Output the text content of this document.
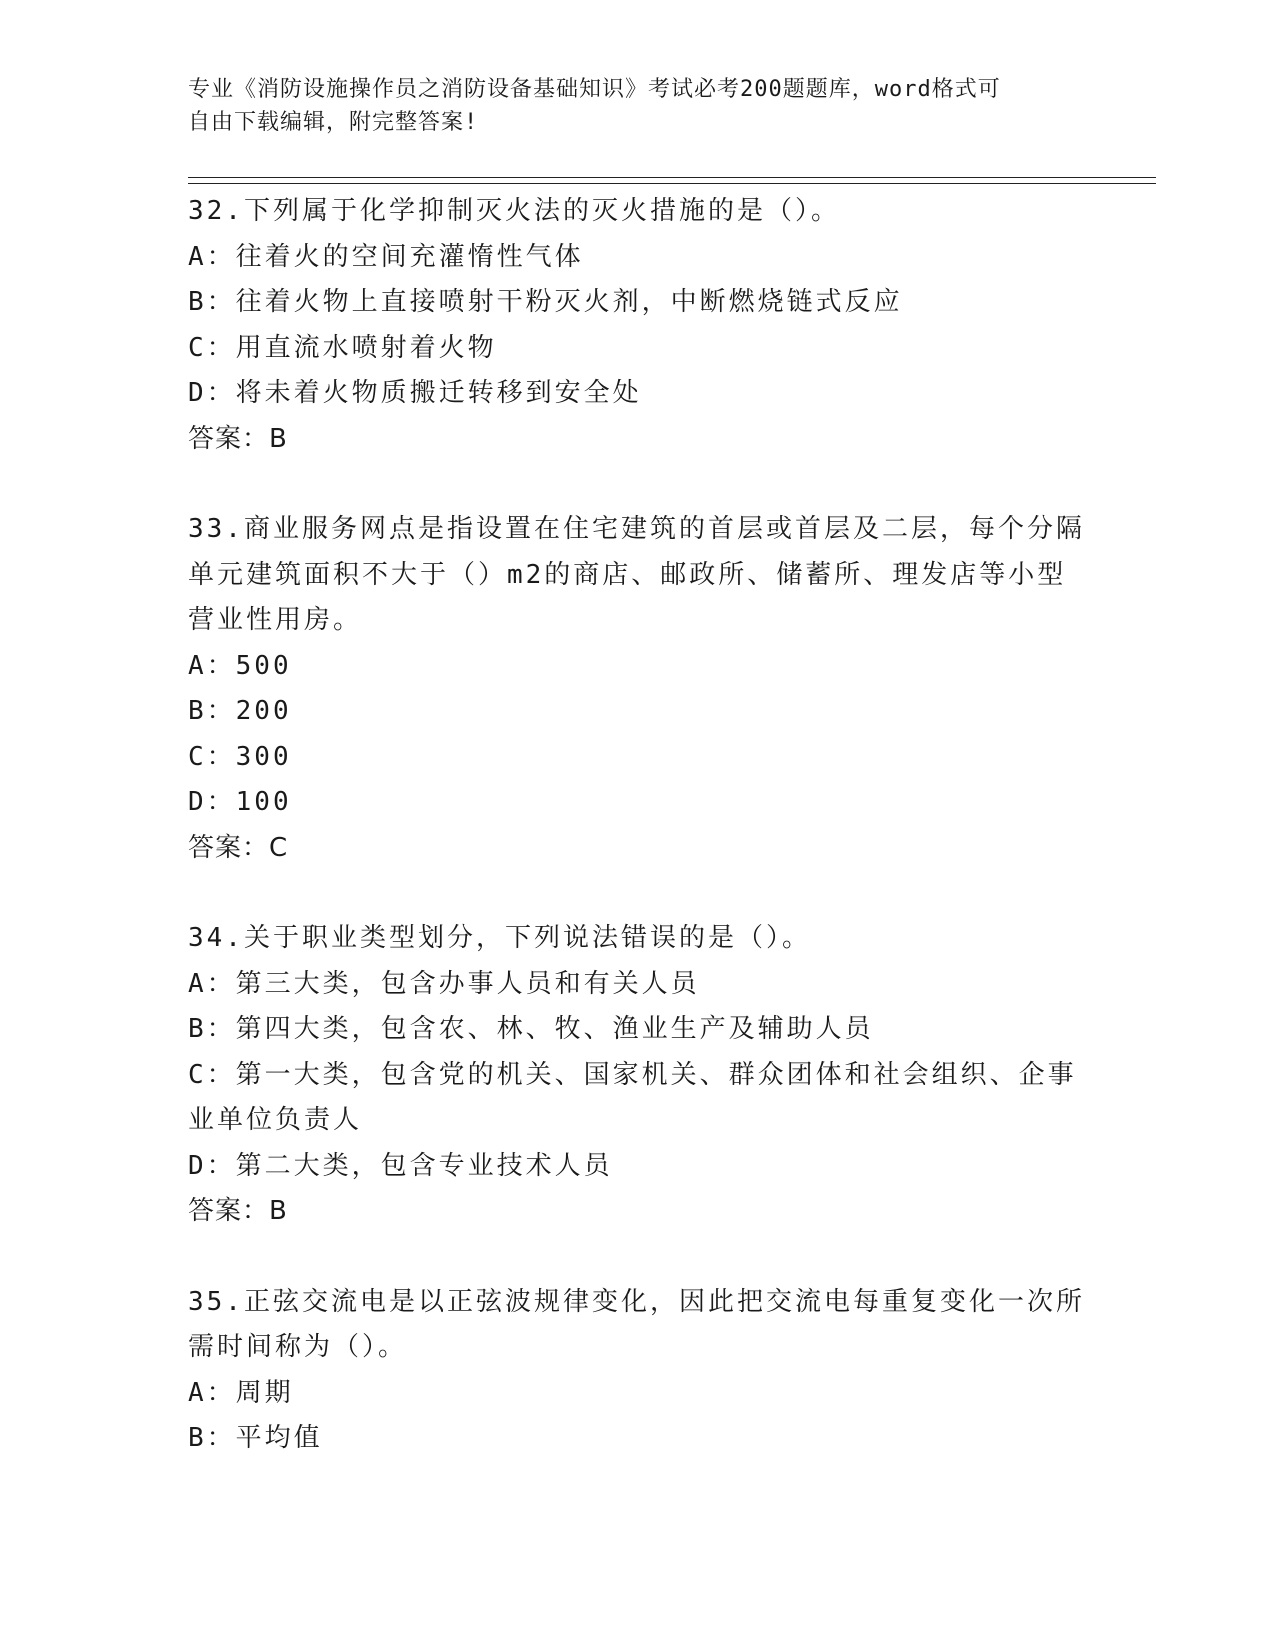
专业《消防设施操作员之消防设备基础知识》考试必考200题题库，word格式可
自由下载编辑，附完整答案!
32.下列属于化学抑制灭火法的灭火措施的是（）。
A：往着火的空间充灌惰性气体
B：往着火物上直接喷射干粉灭火剂，中断燃烧链式反应
C：用直流水喷射着火物
D：将未着火物质搬迁转移到安全处
答案：B
33.商业服务网点是指设置在住宅建筑的首层或首层及二层，每个分隔
单元建筑面积不大于（）m2的商店、邮政所、储蓄所、理发店等小型
营业性用房。
A：500
B：200
C：300
D：100
答案：C
34.关于职业类型划分，下列说法错误的是（）。
A：第三大类，包含办事人员和有关人员
B：第四大类，包含农、林、牧、渔业生产及辅助人员
C：第一大类，包含党的机关、国家机关、群众团体和社会组织、企事
业单位负责人
D：第二大类，包含专业技术人员
答案：B
35.正弦交流电是以正弦波规律变化，因此把交流电每重复变化一次所
需时间称为（）。
A：周期
B：平均值
